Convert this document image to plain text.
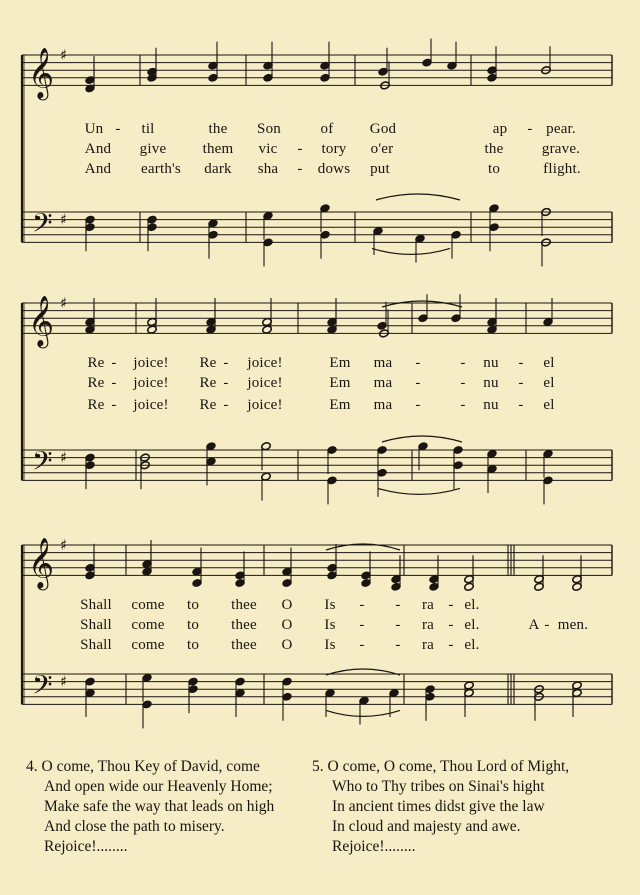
𝄞
𝄢
♯
♯
𝄞
𝄢
♯
♯
𝄞
𝄢
♯
♯
Un - til	the Son	of God	ap - pear.
And give them vic - tory o'er	the	grave.
And earth's dark sha - dows put	to	flight.
Re - joice! Re - joice!	Em ma -	- nu - el
Re - joice! Re - joice!	Em ma -	- nu - el
Re - joice! Re - joice!	Em ma -	- nu - el
Shall come to thee O Is - - ra - el.
Shall come to thee O Is - - ra - el.	A - men.
Shall come to thee O Is - - ra - el.
4. O come, Thou Key of David, come
And open wide our Heavenly Home;
Make safe the way that leads on high
And close the path to misery.
Rejoice!........
5. O come, O come, Thou Lord of Might,
Who to Thy tribes on Sinai's hight
In ancient times didst give the law
In cloud and majesty and awe.
Rejoice!........
